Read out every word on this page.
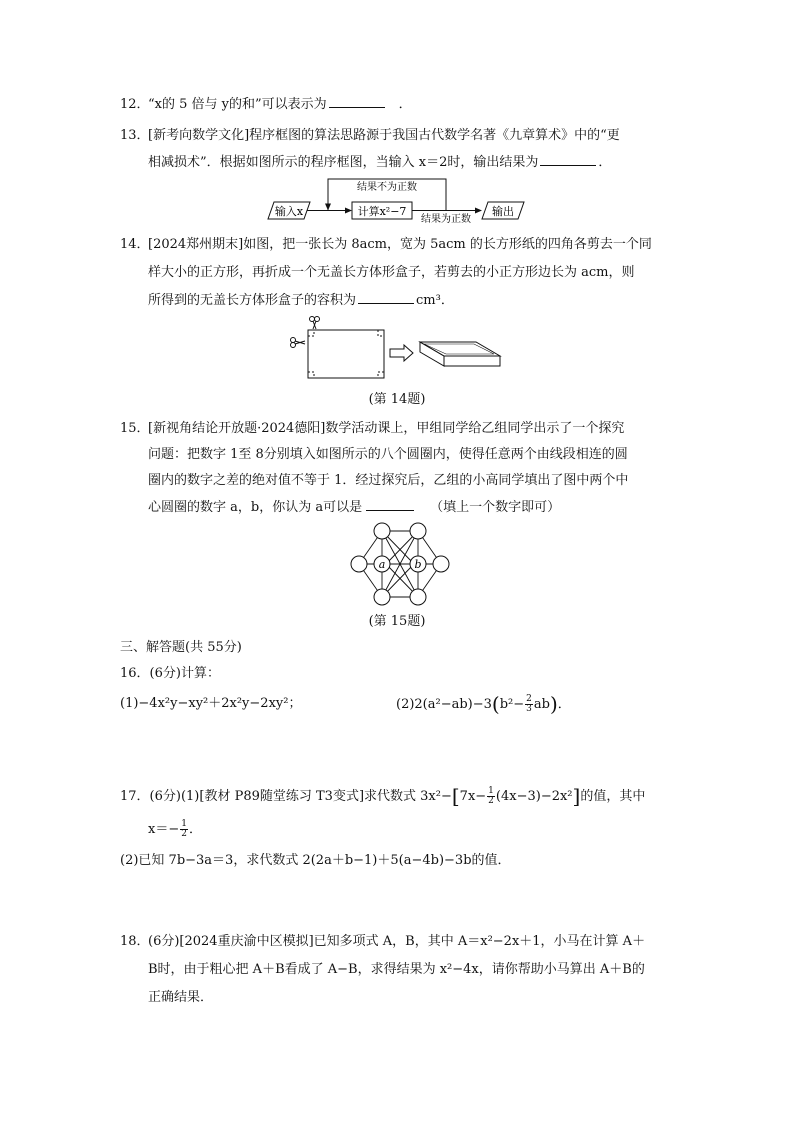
12．“x的 5 倍与 y的和”可以表示为	．
13．[新考向数学文化]程序框图的算法思路源于我国古代数学名著《九章算术》中的“更
相减损术”．根据如图所示的程序框图，当输入 x＝2时，输出结果为	．
输入x	计算x²−7
结果为正数
输出
结果不为正数
14．[2024郑州期末]如图，把一张长为 8acm，宽为 5acm 的长方形纸的四角各剪去一个同
样大小的正方形，再折成一个无盖长方体形盒子，若剪去的小正方形边长为 acm，则
所得到的无盖长方体形盒子的容积为	cm³．
(第 14题)
15．[新视角结论开放题·2024德阳]数学活动课上，甲组同学给乙组同学出示了一个探究
问题：把数字 1至 8分别填入如图所示的八个圆圈内，使得任意两个由线段相连的圆
圈内的数字之差的绝对值不等于 1．经过探究后，乙组的小高同学填出了图中两个中
心圆圈的数字 a，b，你认为 a可以是	（填上一个数字即可）
a	b
(第 15题)
三、解答题(共 55分)
16．(6分)计算：
(1)−4x²y−xy²＋2x²y−2xy²；	$(2)2(a^2-ab)-3(b^2- \frac{2}{3} ab)$．
17．(6分)(1)[教材 P89随堂练习 T3变式]求代数式 $3x^2-[7x- \frac{1}{2} (4x-3)-2x^2]$的值，其中
$x=- \frac{1}{2}$ ．
(2)已知 7b−3a＝3，求代数式 2(2a＋b−1)＋5(a−4b)−3b的值．
18．(6分)[2024重庆渝中区模拟]已知多项式 A，B，其中 A＝x²−2x＋1，小马在计算 A＋
B时，由于粗心把 A＋B看成了 A−B，求得结果为 x²−4x，请你帮助小马算出 A＋B的
正确结果．
